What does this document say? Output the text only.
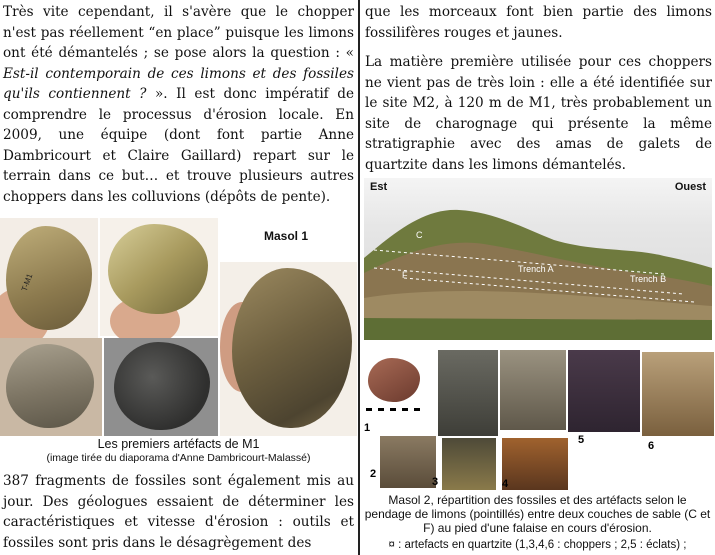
Très vite cependant, il s'avère que le chopper n'est pas réellement “en place” puisque les limons ont été démantelés ; se pose alors la question : « Est-il contemporain de ces limons et des fossiles qu'ils contiennent ? ». Il est donc impératif de comprendre le processus d'érosion locale. En 2009, une équipe (dont font partie Anne Dambricourt et Claire Gaillard) repart sur le terrain dans ce but… et trouve plusieurs autres choppers dans les colluvions (dépôts de pente).

T-M1
Masol 1
Les premiers artéfacts de M1
(image tirée du diaporama d'Anne Dambricourt-Malassé)

387 fragments de fossiles sont également mis au jour. Des géologues essaient de déterminer les caractéristiques et vitesse d'érosion : outils et fossiles sont pris dans le désagrègement des

que les morceaux font bien partie des limons fossilifères rouges et jaunes.

La matière première utilisée pour ces choppers ne vient pas de très loin : elle a été identifiée sur le site M2, à 120 m de M1, très probablement un site de charognage qui présente la même stratigraphie avec des amas de galets de quartzite dans les limons démantelés.

Est	Ouest
C
F
Trench A
Trench B
1
5	6
2
3	4
Masol 2, répartition des fossiles et des artéfacts selon le pendage de limons (pointillés) entre deux couches de sable (C et F) au pied d'une falaise en cours d'érosion.
¤ : artefacts en quartzite (1,3,4,6 : choppers ; 2,5 : éclats) ;
